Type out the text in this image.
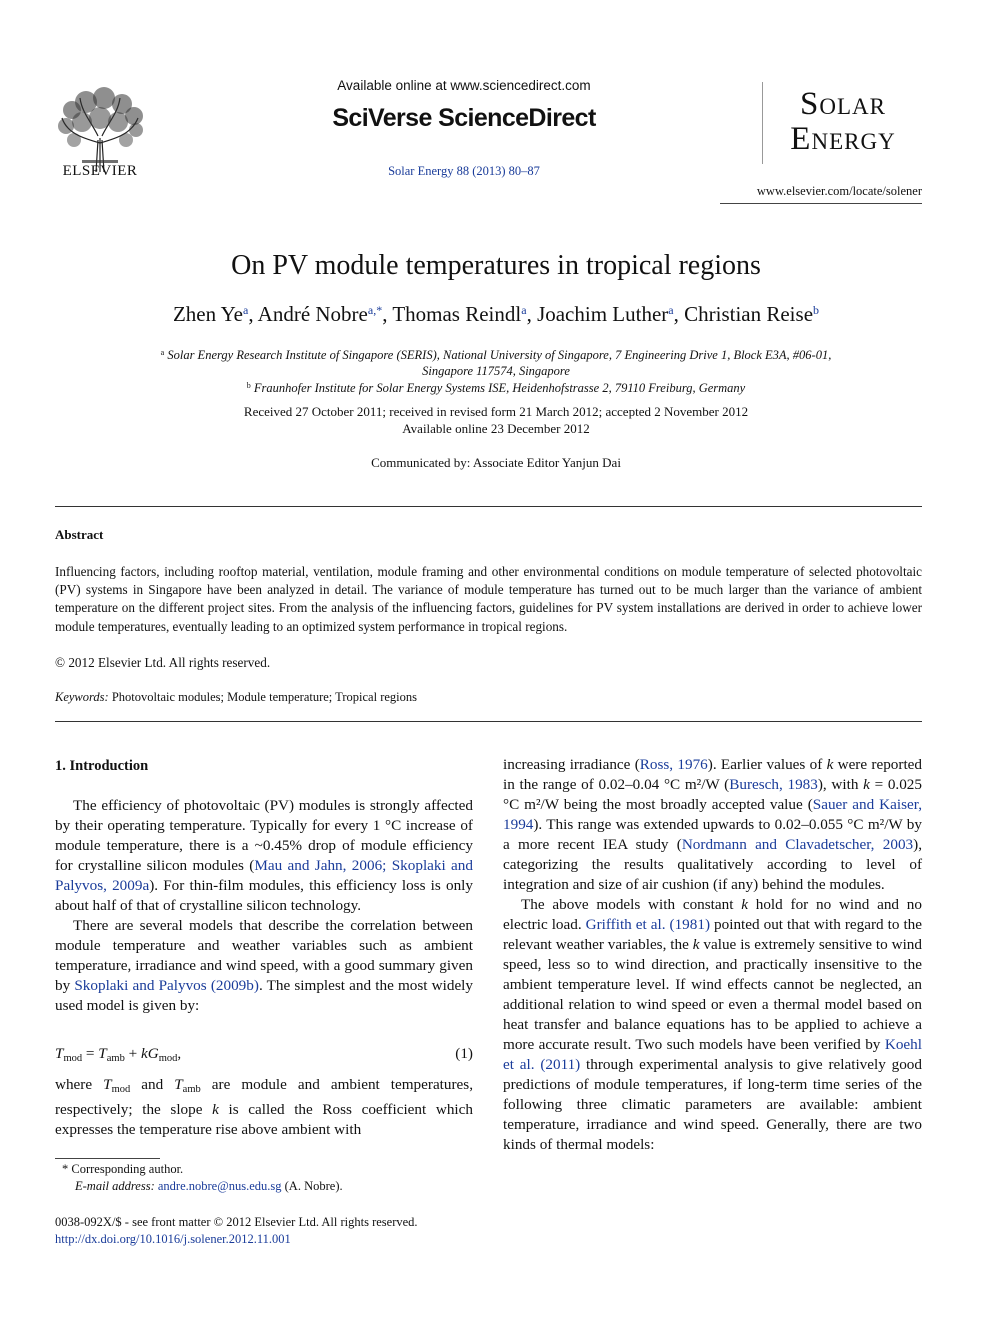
ELSEVIER
Available online at www.sciencedirect.com
SciVerse ScienceDirect
Solar Energy 88 (2013) 80–87
Solar
Energy
www.elsevier.com/locate/solener
On PV module temperatures in tropical regions
Zhen Ye$^a$, André Nobre$^{a,*}$, Thomas Reindl$^a$, Joachim Luther$^a$, Christian Reise$^b$
$^a$ Solar Energy Research Institute of Singapore (SERIS), National University of Singapore, 7 Engineering Drive 1, Block E3A, #06-01,
Singapore 117574, Singapore
$^b$ Fraunhofer Institute for Solar Energy Systems ISE, Heidenhofstrasse 2, 79110 Freiburg, Germany
Received 27 October 2011; received in revised form 21 March 2012; accepted 2 November 2012
Available online 23 December 2012
Communicated by: Associate Editor Yanjun Dai
Abstract
Influencing factors, including rooftop material, ventilation, module framing and other environmental conditions on module temperature of selected photovoltaic (PV) systems in Singapore have been analyzed in detail. The variance of module temperature has turned out to be much larger than the variance of ambient temperature on the different project sites. From the analysis of the influencing factors, guidelines for PV system installations are derived in order to achieve lower module temperatures, eventually leading to an optimized system performance in tropical regions.
© 2012 Elsevier Ltd. All rights reserved.
Keywords: Photovoltaic modules; Module temperature; Tropical regions
1. Introduction

The efficiency of photovoltaic (PV) modules is strongly affected by their operating temperature. Typically for every 1 °C increase of module temperature, there is a ~0.45% drop of module efficiency for crystalline silicon modules (Mau and Jahn, 2006; Skoplaki and Palyvos, 2009a). For thin-film modules, this efficiency loss is only about half of that of crystalline silicon technology.

There are several models that describe the correlation between module temperature and weather variables such as ambient temperature, irradiance and wind speed, with a good summary given by Skoplaki and Palyvos (2009b). The simplest and the most widely used model is given by:

$T_{mod} = T_{amb} + kG_{mod}$,	(1)

where $T_{mod}$ and $T_{amb}$ are module and ambient temperatures, respectively; the slope k is called the Ross coefficient which expresses the temperature rise above ambient with

increasing irradiance (Ross, 1976). Earlier values of k were reported in the range of 0.02–0.04 °C m²/W (Buresch, 1983), with k = 0.025 °C m²/W being the most broadly accepted value (Sauer and Kaiser, 1994). This range was extended upwards to 0.02–0.055 °C m²/W by a more recent IEA study (Nordmann and Clavadetscher, 2003), categorizing the results qualitatively according to level of integration and size of air cushion (if any) behind the modules.

The above models with constant k hold for no wind and no electric load. Griffith et al. (1981) pointed out that with regard to the relevant weather variables, the k value is extremely sensitive to wind speed, less so to wind direction, and practically insensitive to the ambient temperature level. If wind effects cannot be neglected, an additional relation to wind speed or even a thermal model based on heat transfer and balance equations has to be applied to achieve a more accurate result. Two such models have been verified by Koehl et al. (2011) through experimental analysis to give relatively good predictions of module temperatures, if long-term time series of the following three climatic parameters are available: ambient temperature, irradiance and wind speed. Generally, there are two kinds of thermal models:

* Corresponding author.
E-mail address: andre.nobre@nus.edu.sg (A. Nobre).
0038-092X/$ - see front matter © 2012 Elsevier Ltd. All rights reserved.
http://dx.doi.org/10.1016/j.solener.2012.11.001
